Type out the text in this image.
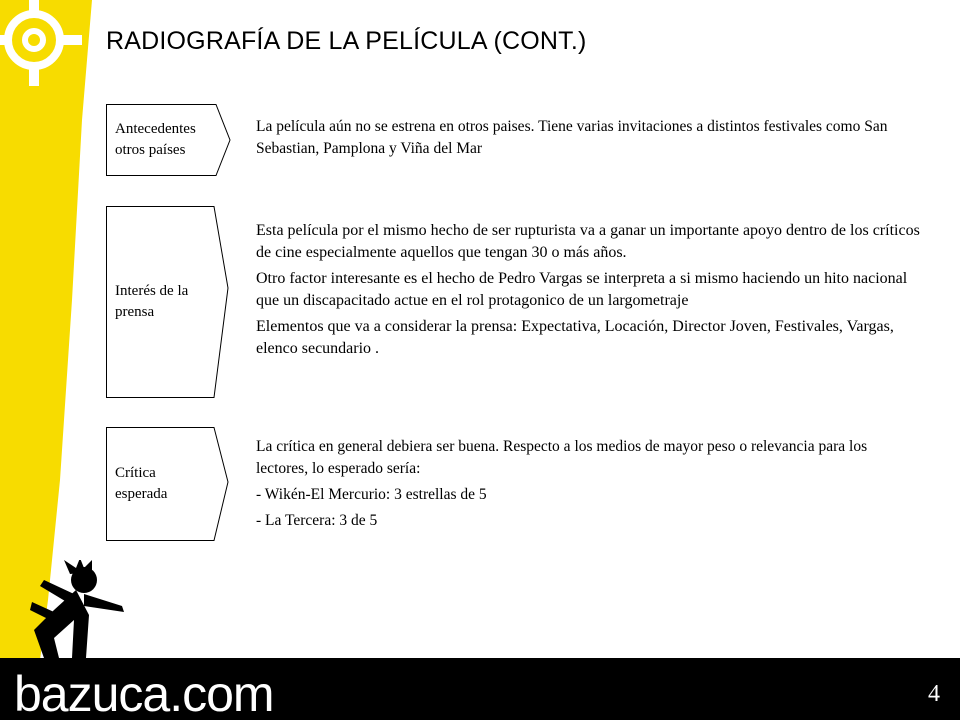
RADIOGRAFÍA DE LA PELÍCULA (CONT.)
Antecedentes
otros países

La película aún no se estrena en otros paises. Tiene varias invitaciones a distintos festivales como San Sebastian, Pamplona y Viña del Mar

Interés de la
prensa

Esta película por el mismo hecho de ser rupturista va a ganar un importante apoyo dentro de los críticos de cine especialmente aquellos que tengan 30 o más años.

Otro factor interesante es el hecho de Pedro Vargas se interpreta a si mismo haciendo un hito nacional que un discapacitado actue en el rol protagonico de un largometraje

Elementos que va a considerar la prensa: Expectativa, Locación, Director Joven, Festivales, Vargas, elenco secundario .

Crítica
esperada

La crítica en general debiera ser buena. Respecto a los medios de mayor peso o relevancia para los lectores, lo esperado sería:

- Wikén-El Mercurio: 3 estrellas de 5

- La Tercera: 3 de 5

bazuca.com	4
